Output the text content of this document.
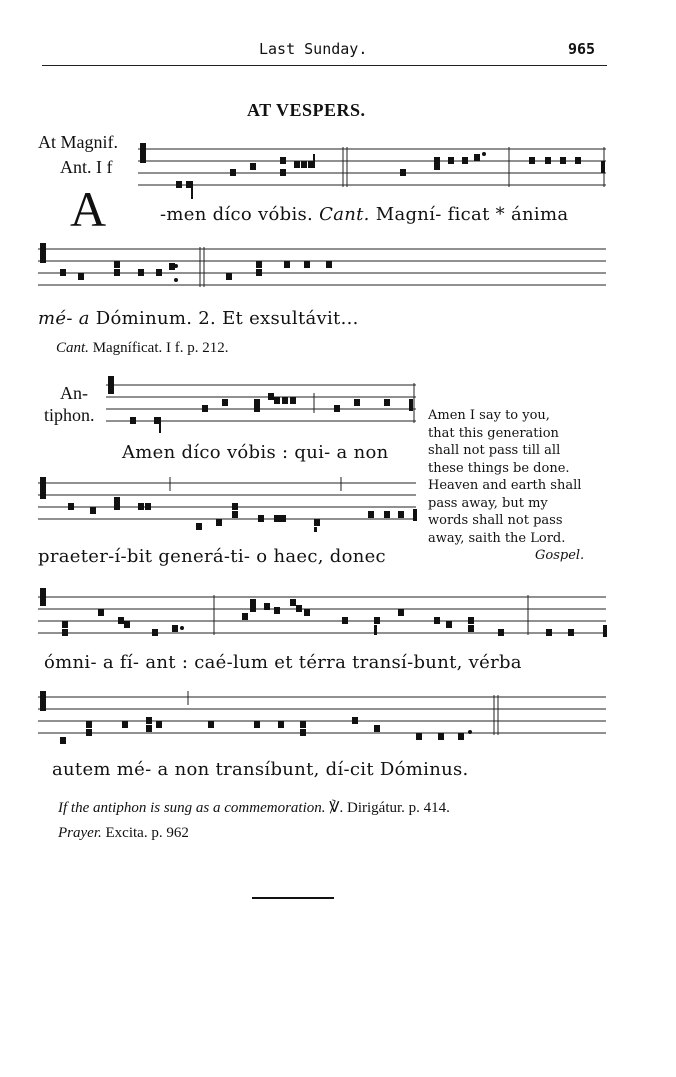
Last Sunday.	965
AT VESPERS.
At Magnif.
Ant. I f
A	-men díco vóbis. Cant. Magní- ficat * ánima
mé- a Dóminum. 2. Et exsultávit...
Cant. Magníficat. I f. p. 212.
An-
tiphon.
Amen díco vóbis : qui- a non
praeter-í-bit generá-ti- o haec, donec
Amen I say to you,
that this generation
shall not pass till all
these things be done.
Heaven and earth shall
pass away, but my
words shall not pass
away, saith the Lord.
Gospel.
ómni- a fí- ant : caé-lum et térra transí-bunt, vérba
autem mé- a non transíbunt, dí-cit Dóminus.
If the antiphon is sung as a commemoration. ℣. Dirigátur. p. 414.
Prayer. Excita. p. 962
